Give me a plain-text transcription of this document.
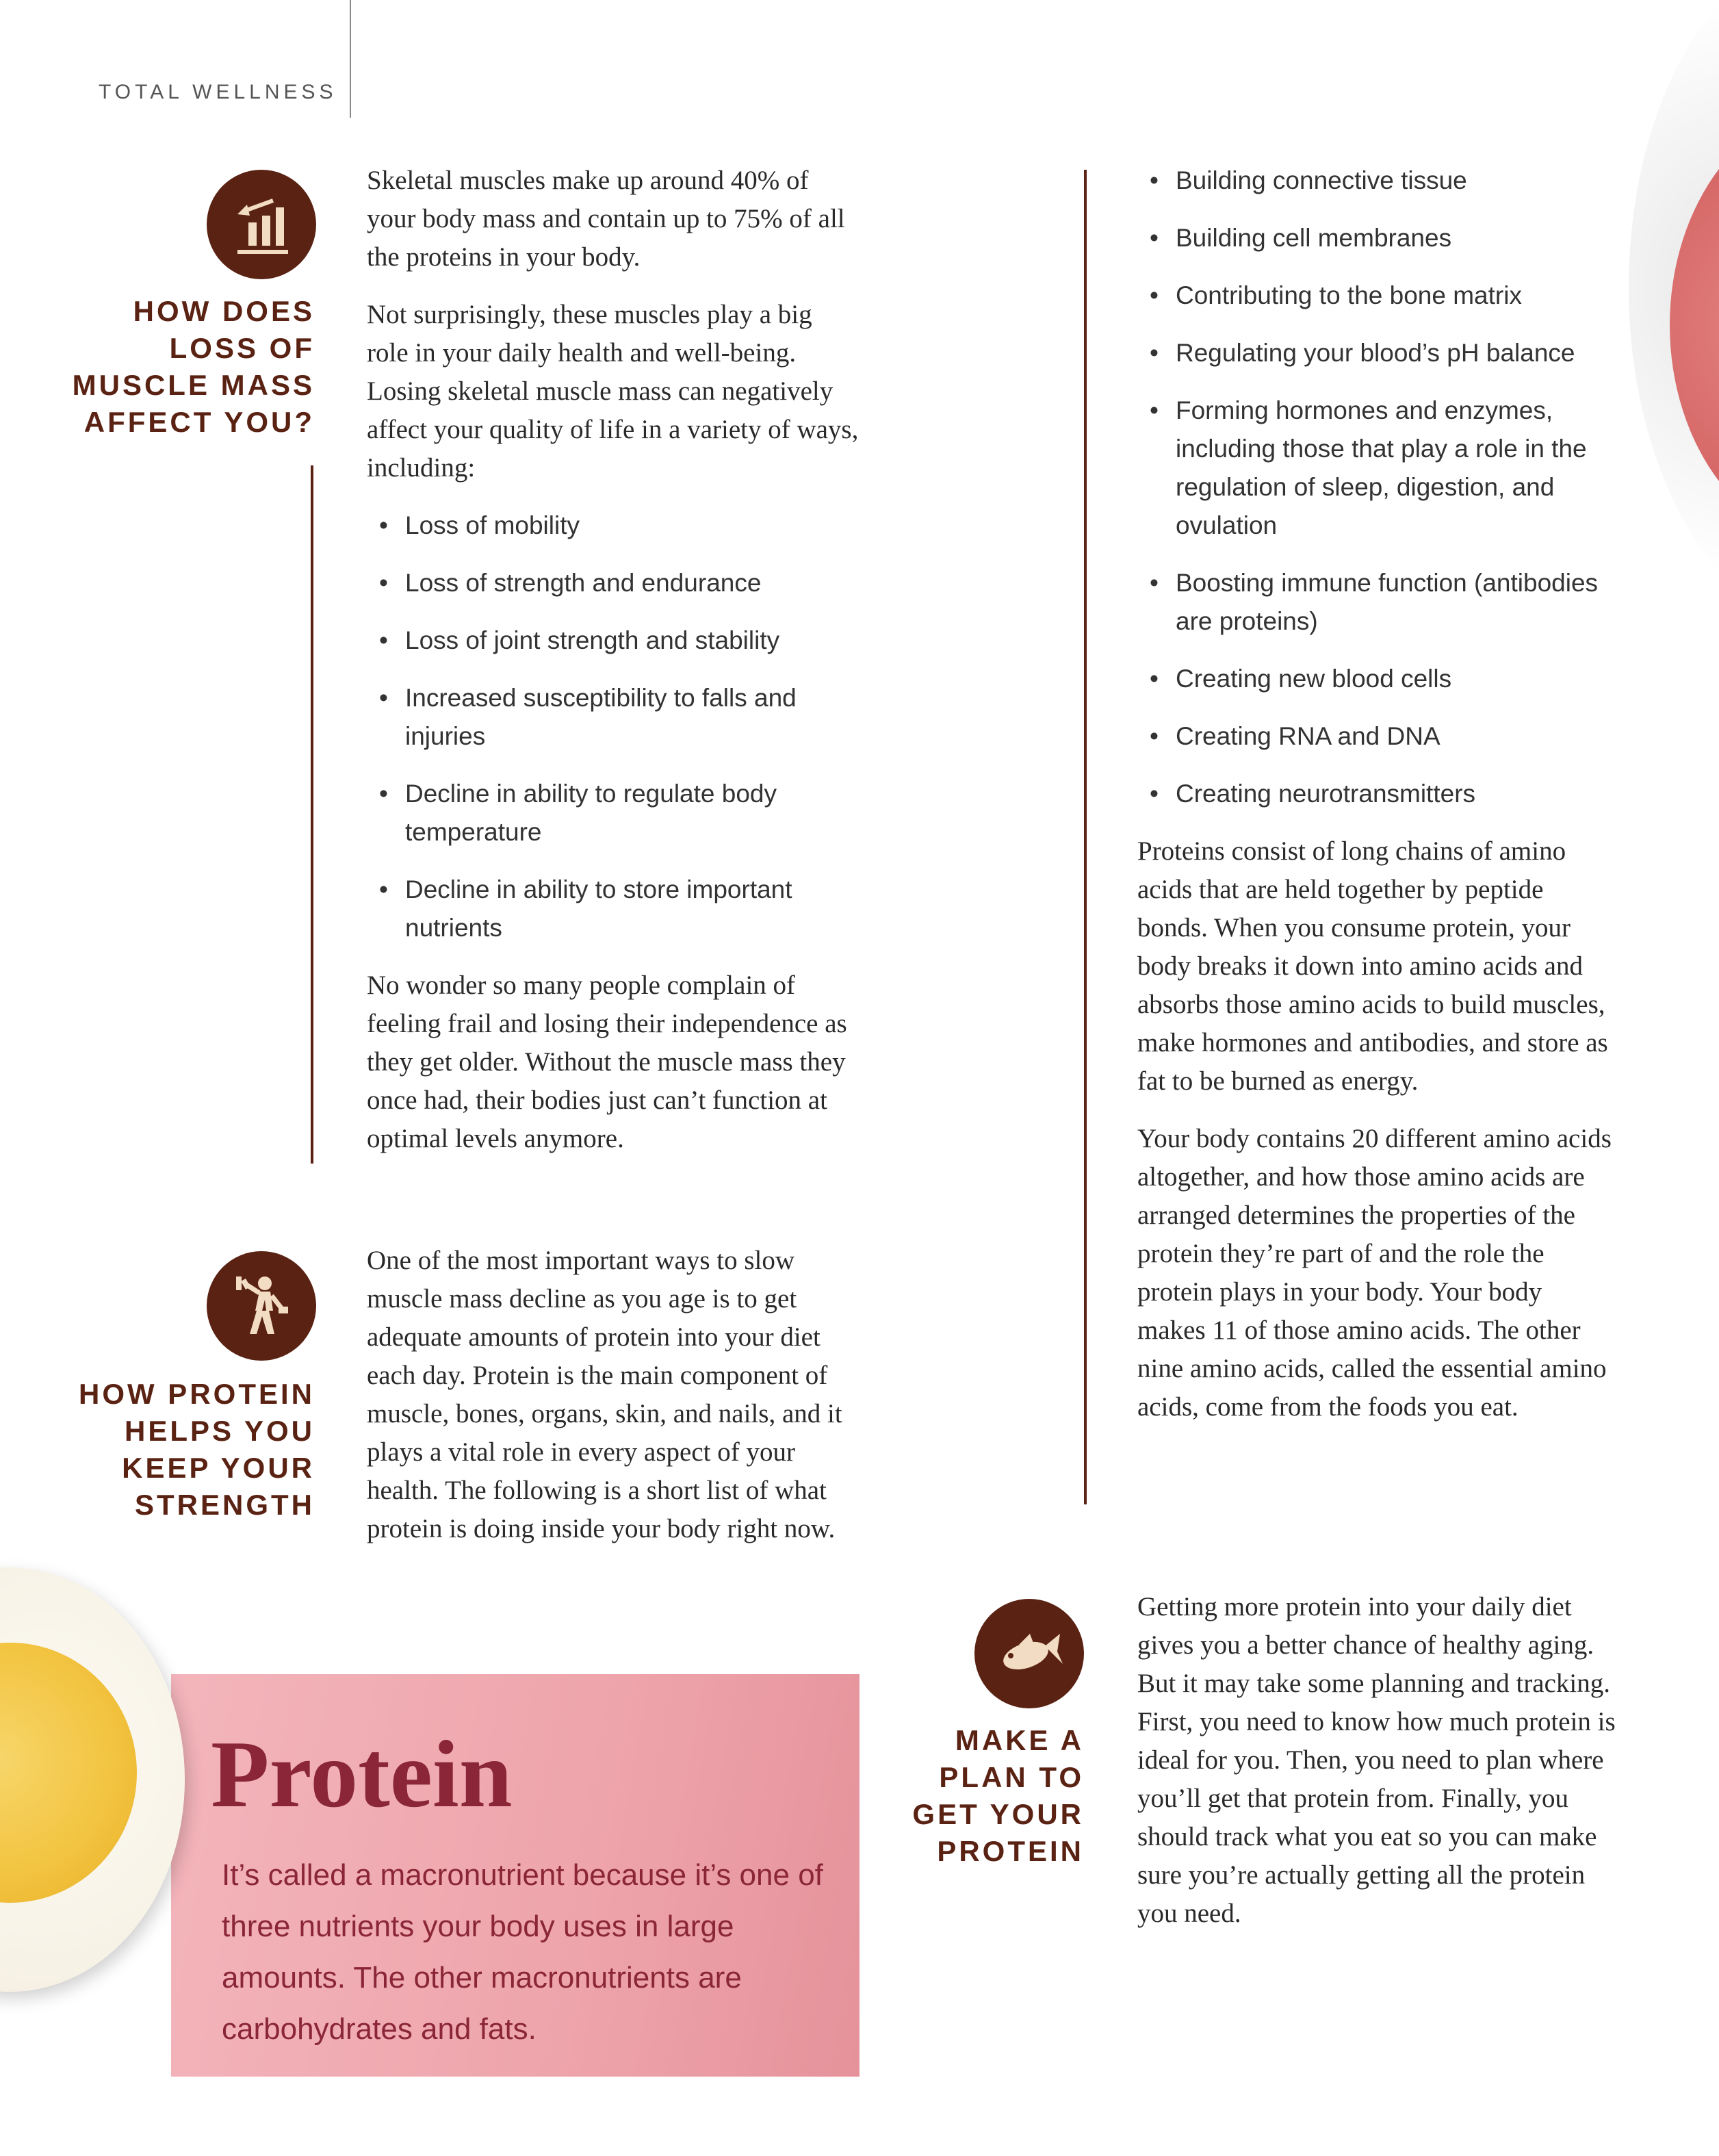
TOTAL WELLNESS

HOW DOES

LOSS OF

MUSCLE MASS

AFFECT YOU?

Skeletal muscles make up around 40% of your body mass and contain up to 75% of all the proteins in your body.

Not surprisingly, these muscles play a big role in your daily health and well-being. Losing skeletal muscle mass can negatively affect your quality of life in a variety of ways, including:

• Loss of mobility
• Loss of strength and endurance
• Loss of joint strength and stability
• Increased susceptibility to falls and injuries
• Decline in ability to regulate body temperature
• Decline in ability to store important nutrients

No wonder so many people complain of feeling frail and losing their independence as they get older. Without the muscle mass they once had, their bodies just can’t function at optimal levels anymore.

HOW PROTEIN

HELPS YOU

KEEP YOUR

STRENGTH

One of the most important ways to slow muscle mass decline as you age is to get adequate amounts of protein into your diet each day. Protein is the main component of muscle, bones, organs, skin, and nails, and it plays a vital role in every aspect of your health. The following is a short list of what protein is doing inside your body right now.

• Building connective tissue
• Building cell membranes
• Contributing to the bone matrix
• Regulating your blood’s pH balance
• Forming hormones and enzymes, including those that play a role in the regulation of sleep, digestion, and ovulation
• Boosting immune function (antibodies are proteins)
• Creating new blood cells
• Creating RNA and DNA
• Creating neurotransmitters

Proteins consist of long chains of amino acids that are held together by peptide bonds. When you consume protein, your body breaks it down into amino acids and absorbs those amino acids to build muscles, make hormones and antibodies, and store as fat to be burned as energy.

Your body contains 20 different amino acids altogether, and how those amino acids are arranged determines the properties of the protein they’re part of and the role the protein plays in your body. Your body makes 11 of those amino acids. The other nine amino acids, called the essential amino acids, come from the foods you eat.

MAKE A

PLAN TO

GET YOUR

PROTEIN

Getting more protein into your daily diet gives you a better chance of healthy aging. But it may take some planning and tracking. First, you need to know how much protein is ideal for you. Then, you need to plan where you’ll get that protein from. Finally, you should track what you eat so you can make sure you’re actually getting all the protein you need.

Protein

It’s called a macronutrient because it’s one of three nutrients your body uses in large amounts. The other macronutrients are carbohydrates and fats.
